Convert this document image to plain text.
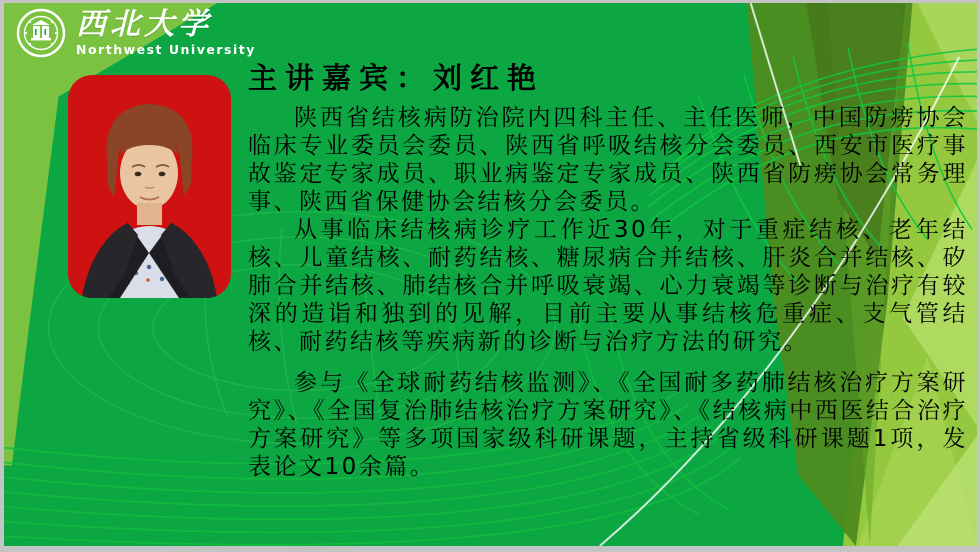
西北大学
Northwest University
主讲嘉宾：刘红艳

陕西省结核病防治院内四科主任、主任医师，中国防痨协会临床专业委员会委员、陕西省呼吸结核分会委员、西安市医疗事故鉴定专家成员、职业病鉴定专家成员、陕西省防痨协会常务理事、陕西省保健协会结核分会委员。

从事临床结核病诊疗工作近30年，对于重症结核、老年结核、儿童结核、耐药结核、糖尿病合并结核、肝炎合并结核、矽肺合并结核、肺结核合并呼吸衰竭、心力衰竭等诊断与治疗有较深的造诣和独到的见解，目前主要从事结核危重症、支气管结核、耐药结核等疾病新的诊断与治疗方法的研究。

参与《全球耐药结核监测》、《全国耐多药肺结核治疗方案研究》、《全国复治肺结核治疗方案研究》、《结核病中西医结合治疗方案研究》等多项国家级科研课题，主持省级科研课题1项，发表论文10余篇。
